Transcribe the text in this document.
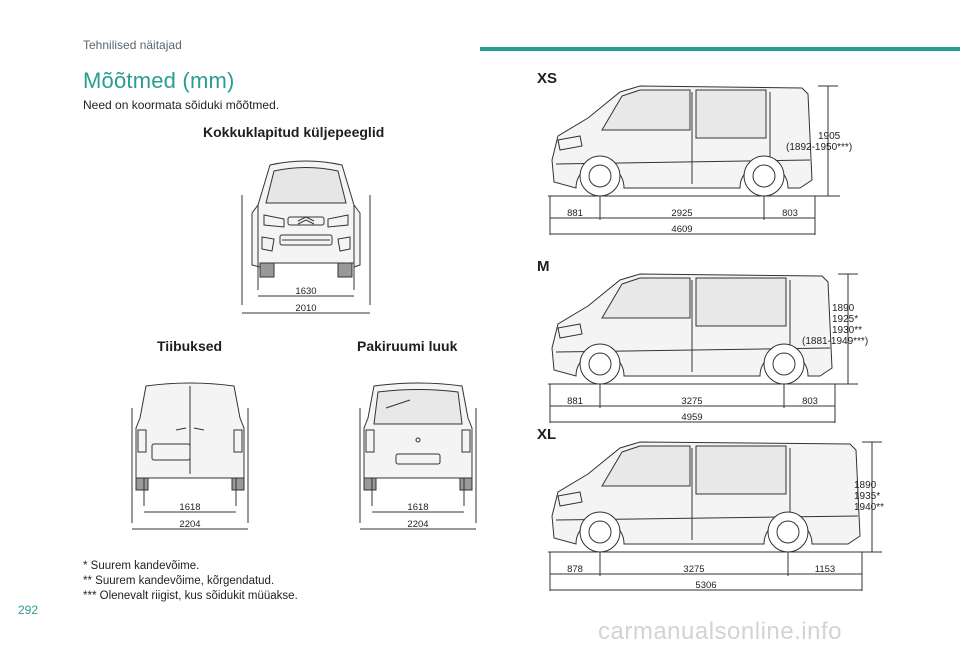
Tehnilised näitajad
Mõõtmed (mm)
Need on koormata sõiduki mõõtmed.
Kokkuklapitud küljepeeglid
1630
2010
Tiibuksed
1618
2204
Pakiruumi luuk
1618
2204
* Suurem kandevõime.
** Suurem kandevõime, kõrgendatud.
*** Olenevalt riigist, kus sõidukit müüakse.
XS
881	2925	803
4609
1905
(1892-1950***)
M
881	3275	803
4959
1890
1925*
1930**
(1881-1949***)
XL
878	3275	1153
5306
1890
1935*
1940**
292
carmanualsonline.info
